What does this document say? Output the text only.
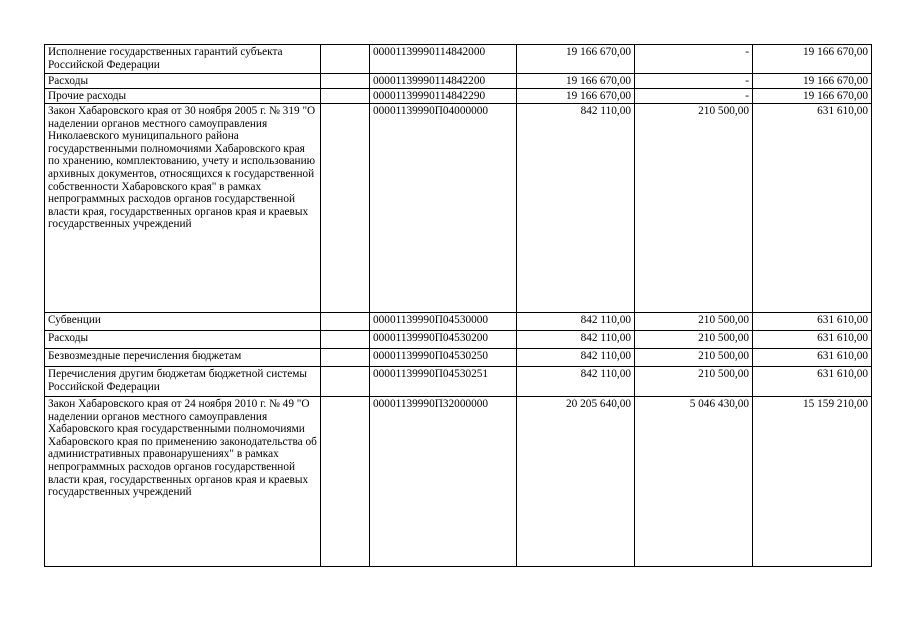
Исполнение государственных гарантий субъекта Российской Федерации		00001139990114842000	19 166 670,00	-	19 166 670,00
Расходы		00001139990114842200	19 166 670,00	-	19 166 670,00
Прочие расходы		00001139990114842290	19 166 670,00	-	19 166 670,00
Закон Хабаровского края от 30 ноября 2005 г. № 319 "О наделении органов местного самоуправления Николаевского муниципального района государственными полномочиями Хабаровского края по хранению, комплектованию, учету и использованию архивных документов, относящихся к государственной собственности Хабаровского края" в рамках непрограммных расходов органов государственной власти края, государственных органов края и краевых государственных учреждений		00001139990П04000000	842 110,00	210 500,00	631 610,00
Субвенции		00001139990П04530000	842 110,00	210 500,00	631 610,00
Расходы		00001139990П04530200	842 110,00	210 500,00	631 610,00
Безвозмездные перечисления бюджетам		00001139990П04530250	842 110,00	210 500,00	631 610,00
Перечисления другим бюджетам бюджетной системы Российской Федерации		00001139990П04530251	842 110,00	210 500,00	631 610,00
Закон Хабаровского края от 24 ноября 2010 г. № 49 "О наделении органов местного самоуправления Хабаровского края государственными полномочиями Хабаровского края по применению законодательства об административных правонарушениях" в рамках непрограммных расходов органов государственной власти края, государственных органов края и краевых государственных учреждений		00001139990П32000000	20 205 640,00	5 046 430,00	15 159 210,00
